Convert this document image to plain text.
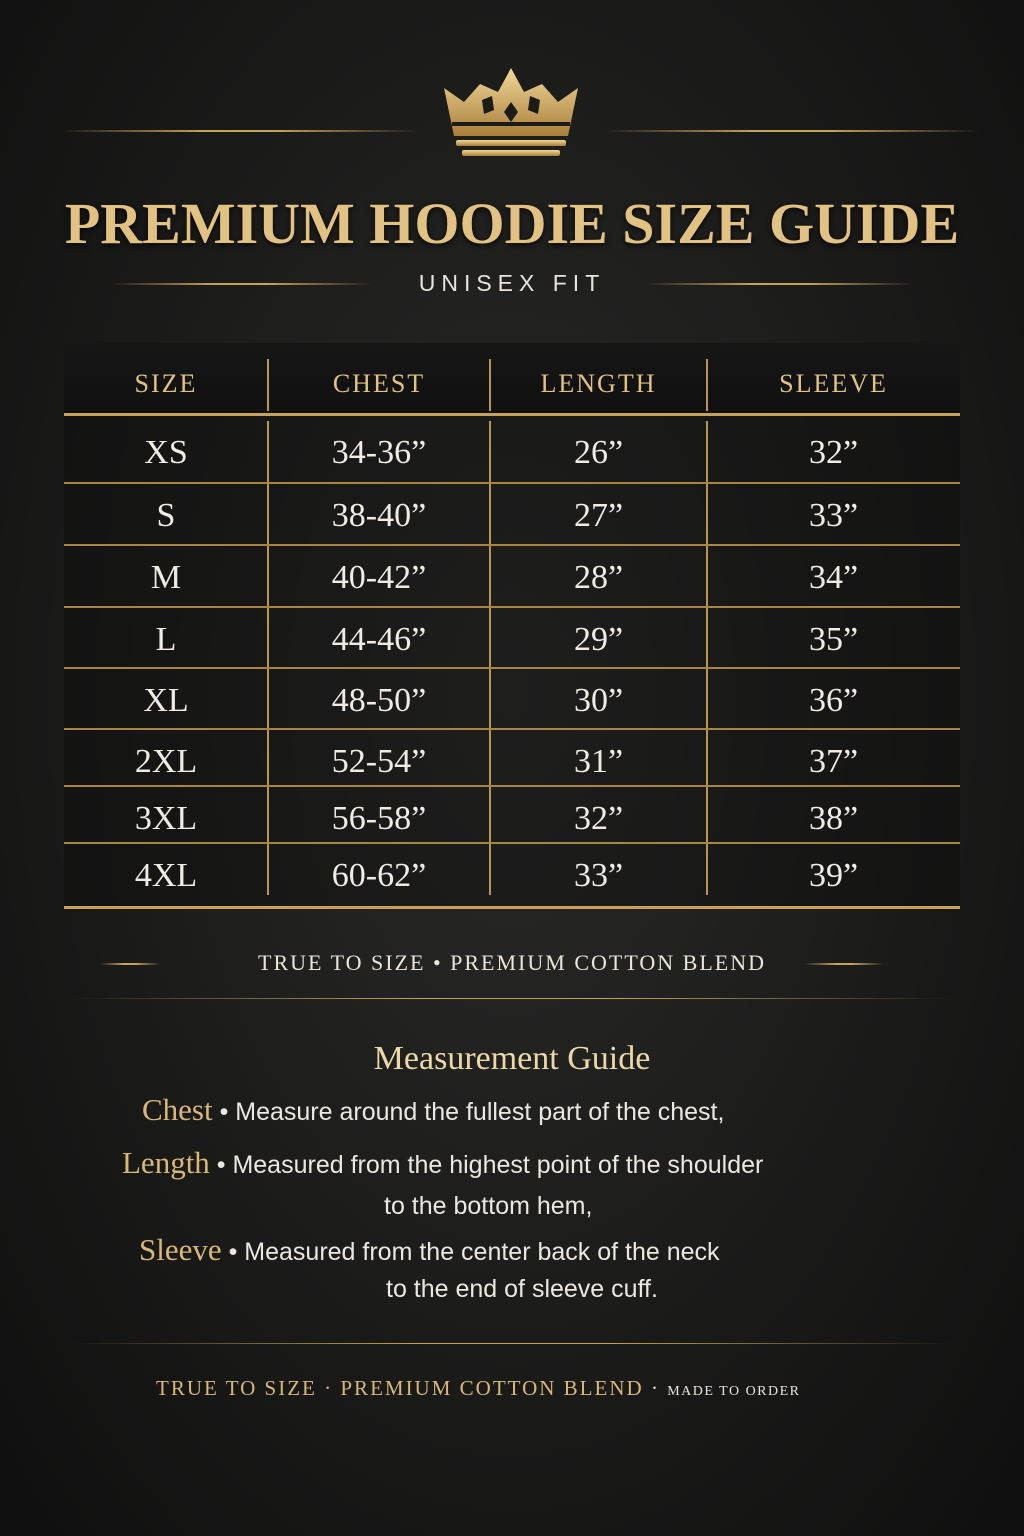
PREMIUM HOODIE SIZE GUIDE
UNISEX FIT
SIZE	CHEST	LENGTH	SLEEVE
XS	34-36”	26”	32”
S	38-40”	27”	33”
M	40-42”	28”	34”
L	44-46”	29”	35”
XL	48-50”	30”	36”
2XL	52-54”	31”	37”
3XL	56-58”	32”	38”
4XL	60-62”	33”	39”
TRUE TO SIZE • PREMIUM COTTON BLEND
Measurement Guide
Chest • Measure around the fullest part of the chest,
Length • Measured from the highest point of the shoulder
to the bottom hem,
Sleeve • Measured from the center back of the neck
to the end of sleeve cuff.
TRUE TO SIZE · PREMIUM COTTON BLEND · MADE TO ORDER
